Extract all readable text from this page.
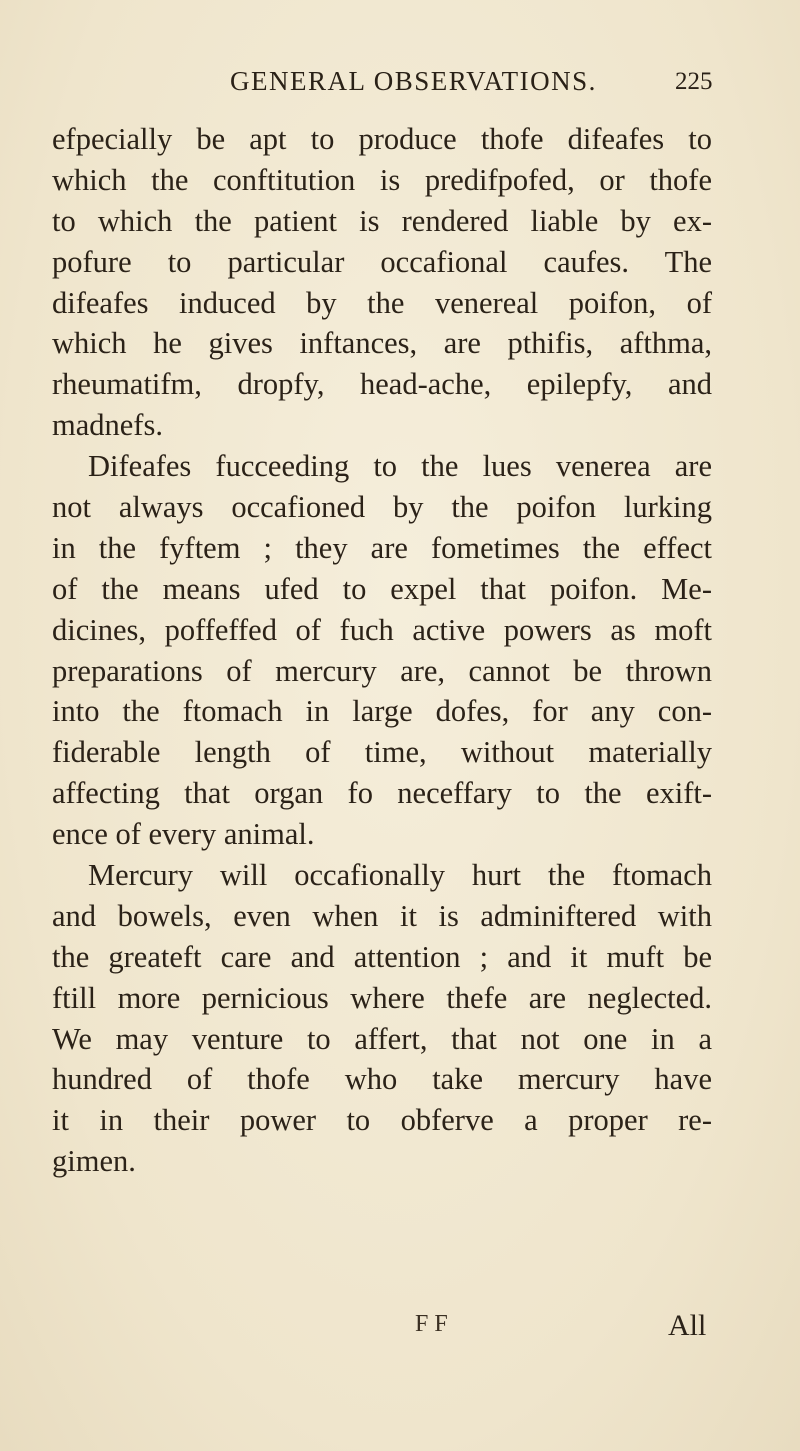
GENERAL OBSERVATIONS.	225
efpecially be apt to produce thofe difeafes to
which the conftitution is predifpofed, or thofe
to which the patient is rendered liable by ex-
pofure to particular occafional caufes. The
difeafes induced by the venereal poifon, of
which he gives inftances, are pthifis, afthma,
rheumatifm, dropfy, head-ache, epilepfy, and
madnefs.
Difeafes fucceeding to the lues venerea are
not always occafioned by the poifon lurking
in the fyftem ; they are fometimes the effect
of the means ufed to expel that poifon. Me-
dicines, poffeffed of fuch active powers as moft
preparations of mercury are, cannot be thrown
into the ftomach in large dofes, for any con-
fiderable length of time, without materially
affecting that organ fo neceffary to the exift-
ence of every animal.
Mercury will occafionally hurt the ftomach
and bowels, even when it is adminiftered with
the greateft care and attention ; and it muft be
ftill more pernicious where thefe are neglected.
We may venture to affert, that not one in a
hundred of thofe who take mercury have
it in their power to obferve a proper re-
gimen.
F F	All
